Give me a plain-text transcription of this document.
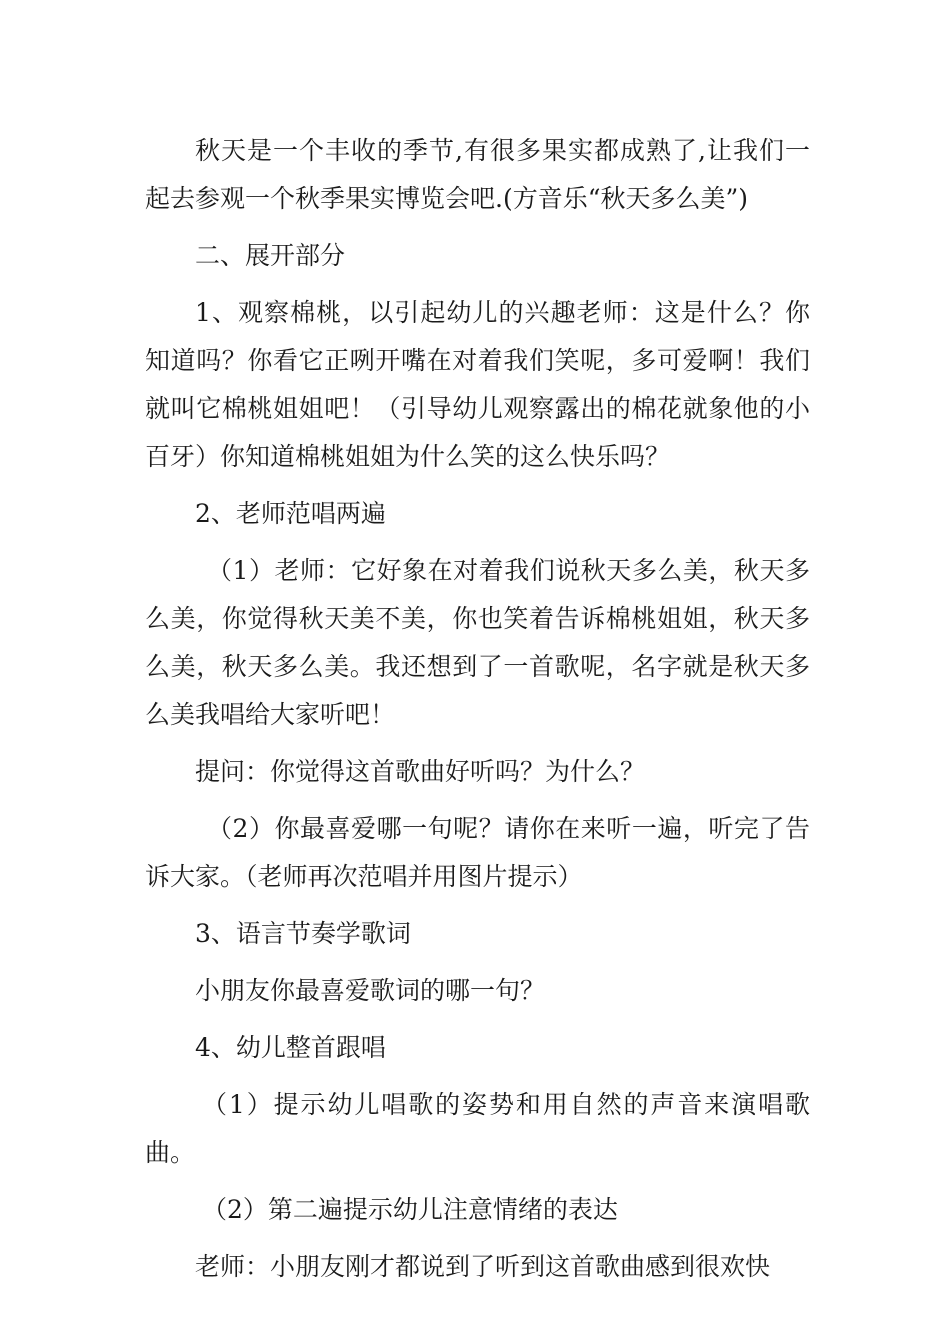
秋天是一个丰收的季节,有很多果实都成熟了,让我们一起去参观一个秋季果实博览会吧.(方音乐“秋天多么美”)

二、展开部分

1、观察棉桃，以引起幼儿的兴趣老师：这是什么？你知道吗？你看它正咧开嘴在对着我们笑呢，多可爱啊！我们就叫它棉桃姐姐吧！（引导幼儿观察露出的棉花就象他的小百牙）你知道棉桃姐姐为什么笑的这么快乐吗？

2、老师范唱两遍

（1）老师：它好象在对着我们说秋天多么美，秋天多么美，你觉得秋天美不美，你也笑着告诉棉桃姐姐，秋天多么美，秋天多么美。我还想到了一首歌呢，名字就是秋天多么美我唱给大家听吧！

提问：你觉得这首歌曲好听吗？为什么？

（2）你最喜爱哪一句呢？请你在来听一遍，听完了告诉大家。（老师再次范唱并用图片提示）

3、语言节奏学歌词

小朋友你最喜爱歌词的哪一句？

4、幼儿整首跟唱

（1）提示幼儿唱歌的姿势和用自然的声音来演唱歌曲。

（2）第二遍提示幼儿注意情绪的表达

老师：小朋友刚才都说到了听到这首歌曲感到很欢快
